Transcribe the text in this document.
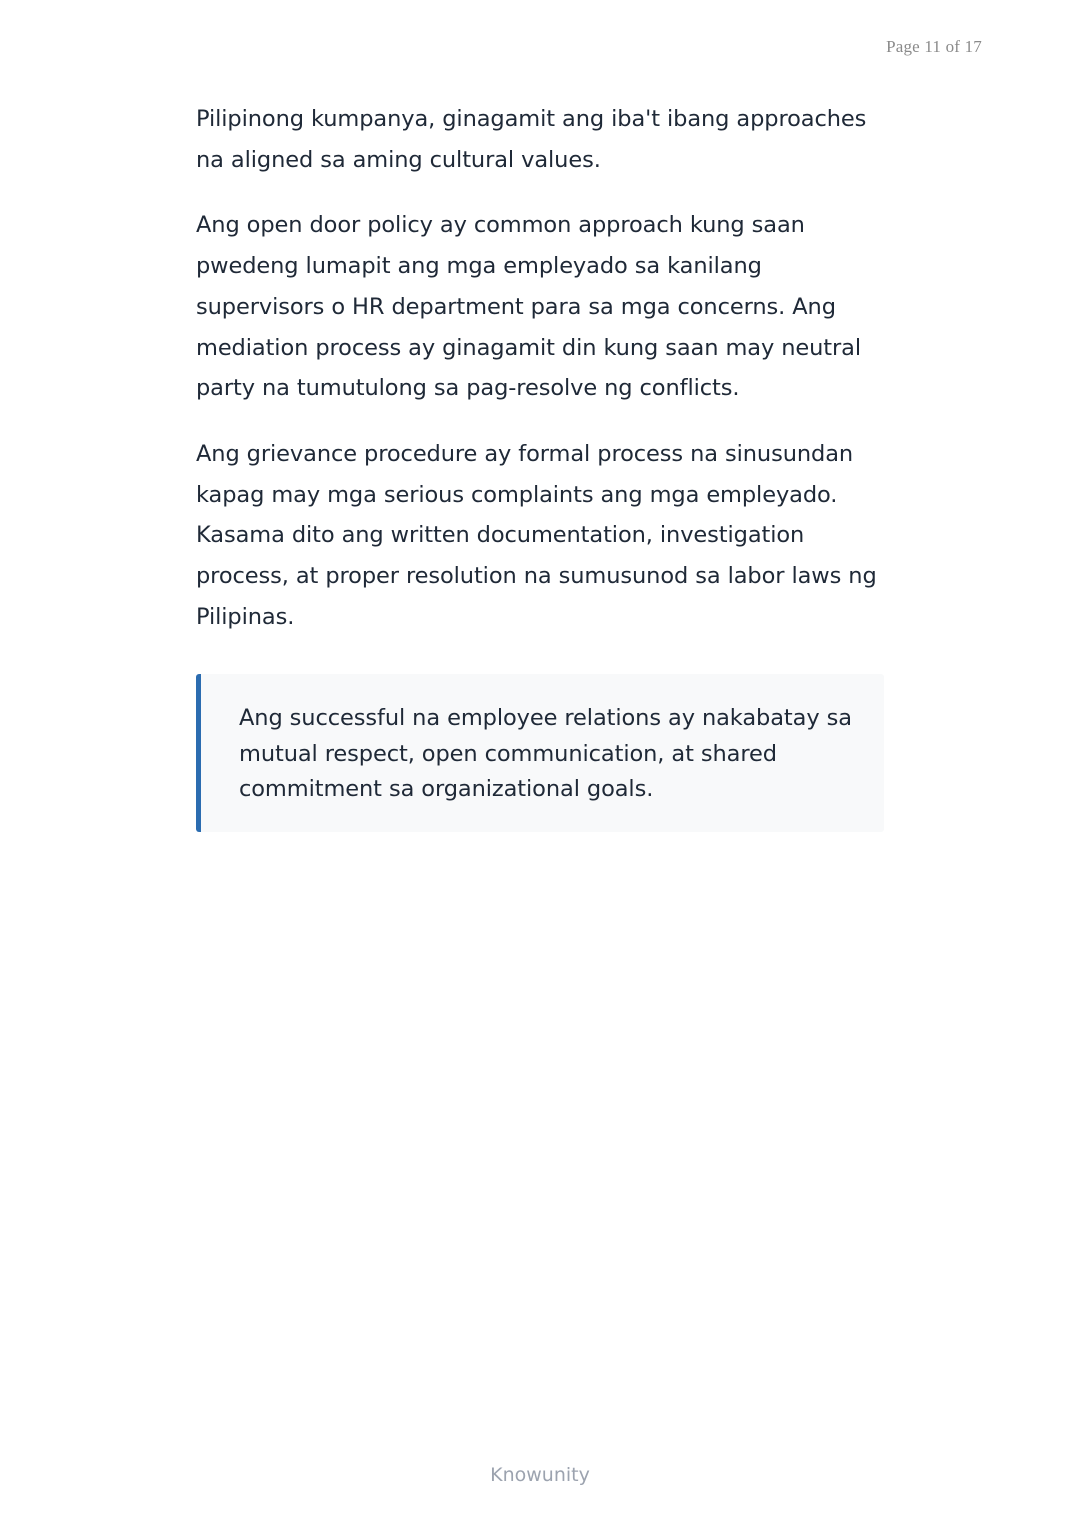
Page 11 of 17

Pilipinong kumpanya, ginagamit ang iba't ibang approaches na aligned sa aming cultural values.

Ang open door policy ay common approach kung saan pwedeng lumapit ang mga empleyado sa kanilang supervisors o HR department para sa mga concerns. Ang mediation process ay ginagamit din kung saan may neutral party na tumutulong sa pag-resolve ng conflicts.

Ang grievance procedure ay formal process na sinusundan kapag may mga serious complaints ang mga empleyado. Kasama dito ang written documentation, investigation process, at proper resolution na sumusunod sa labor laws ng Pilipinas.

Ang successful na employee relations ay nakabatay sa mutual respect, open communication, at shared commitment sa organizational goals.

Knowunity
